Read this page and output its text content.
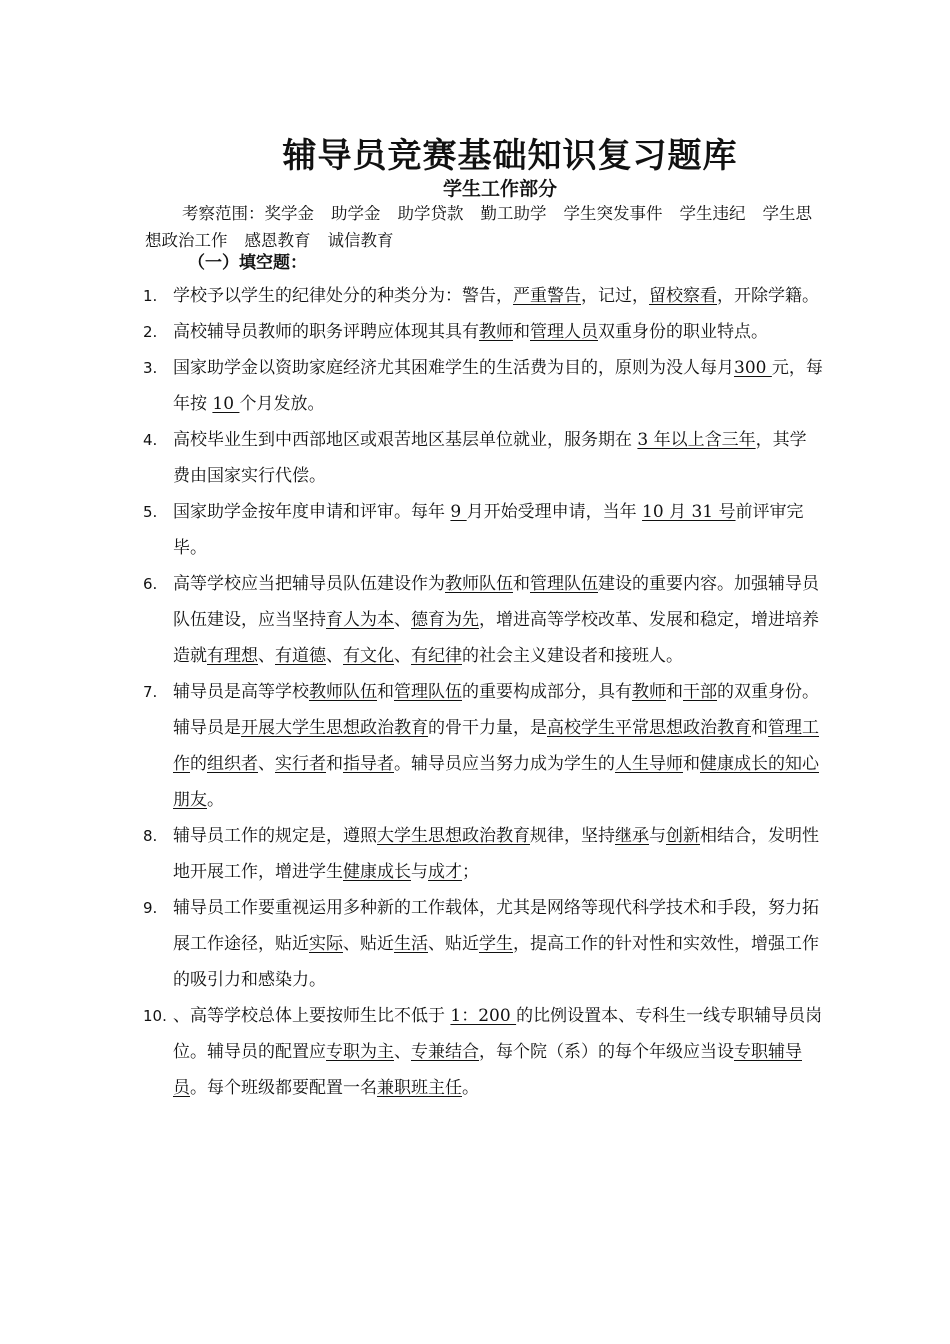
辅导员竞赛基础知识复习题库
学生工作部分
考察范围：奖学金 助学金 助学贷款 勤工助学 学生突发事件 学生违纪 学生思想政治工作 感恩教育 诚信教育
（一）填空题：
1. 学校予以学生的纪律处分的种类分为：警告，严重警告，记过，留校察看，开除学籍。
2. 高校辅导员教师的职务评聘应体现其具有教师和管理人员双重身份的职业特点。
3. 国家助学金以资助家庭经济尤其困难学生的生活费为目的，原则为没人每月300 元，每年按 10 个月发放。
4. 高校毕业生到中西部地区或艰苦地区基层单位就业，服务期在 3 年以上含三年，其学费由国家实行代偿。
5. 国家助学金按年度申请和评审。每年 9 月开始受理申请，当年 10 月 31 号前评审完毕。
6. 高等学校应当把辅导员队伍建设作为教师队伍和管理队伍建设的重要内容。加强辅导员队伍建设，应当坚持育人为本、德育为先，增进高等学校改革、发展和稳定，增进培养造就有理想、有道德、有文化、有纪律的社会主义建设者和接班人。
7. 辅导员是高等学校教师队伍和管理队伍的重要构成部分，具有教师和干部的双重身份。辅导员是开展大学生思想政治教育的骨干力量，是高校学生平常思想政治教育和管理工作的组织者、实行者和指导者。辅导员应当努力成为学生的人生导师和健康成长的知心朋友。
8. 辅导员工作的规定是，遵照大学生思想政治教育规律，坚持继承与创新相结合，发明性地开展工作，增进学生健康成长与成才；
9. 辅导员工作要重视运用多种新的工作载体，尤其是网络等现代科学技术和手段，努力拓展工作途径，贴近实际、贴近生活、贴近学生，提高工作的针对性和实效性，增强工作的吸引力和感染力。
10. 、高等学校总体上要按师生比不低于 1：200 的比例设置本、专科生一线专职辅导员岗位。辅导员的配置应专职为主、专兼结合，每个院（系）的每个年级应当设专职辅导员。每个班级都要配置一名兼职班主任。
